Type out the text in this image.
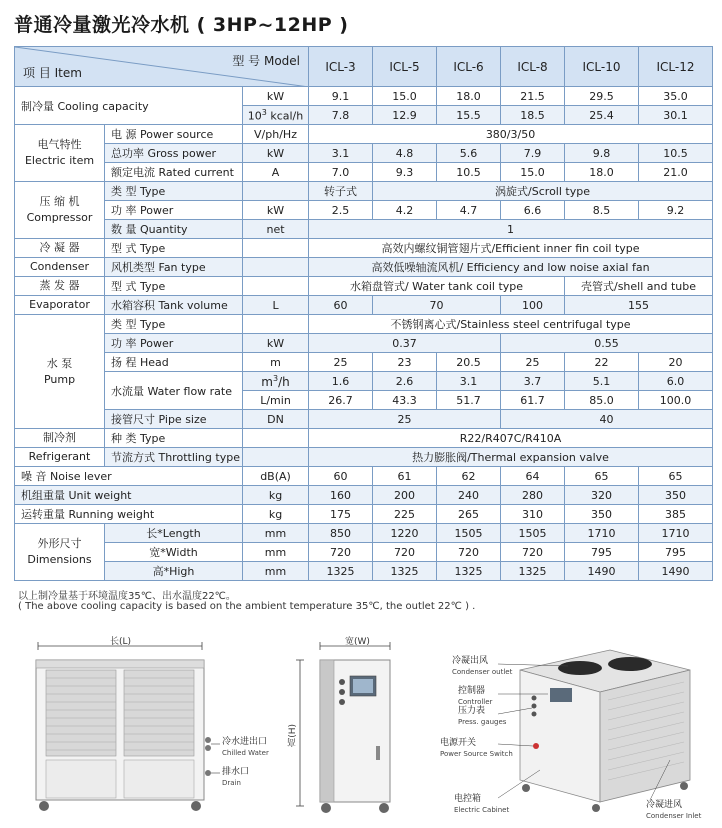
普通冷量激光冷水机 ( 3HP~12HP )
型 号 Model
项 目 Item			ICL-3	ICL-5	ICL-6	ICL-8	ICL-10	ICL-12
制冷量 Cooling capacity		kW	9.1	15.0	18.0	21.5	29.5	35.0
		$10^3$ kcal/h	7.8	12.9	15.5	18.5	25.4	30.1
电气特性
Electric item	电 源 Power source	V/ph/Hz	380/3/50					
	总功率 Gross power	kW	3.1	4.8	5.6	7.9	9.8	10.5
	额定电流 Rated current	A	7.0	9.3	10.5	15.0	18.0	21.0
压 缩 机
Compressor	类 型 Type		转子式	涡旋式/Scroll type				
	功 率 Power	kW	2.5	4.2	4.7	6.6	8.5	9.2
	数 量 Quantity	net	1					
冷 凝 器	型 式 Type		高效内螺纹铜管翅片式/Efficient inner fin coil type					
Condenser	风机类型 Fan type		高效低噪轴流风机/ Efficiency and low noise axial fan					
蒸 发 器	型 式 Type		水箱盘管式/ Water tank coil type				壳管式/shell and tube	
Evaporator	水箱容积 Tank volume	L	60	70		100	155	
水 泵
Pump	类 型 Type		不锈钢离心式/Stainless steel centrifugal type					
	功 率 Power	kW	0.37			0.55		
	扬 程 Head	m	25	23	20.5	25	22	20
	水流量 Water flow rate	$m^3/h$	1.6	2.6	3.1	3.7	5.1	6.0
		L/min	26.7	43.3	51.7	61.7	85.0	100.0
	接管尺寸 Pipe size	DN	25			40		
制冷剂	种 类 Type		R22/R407C/R410A					
Refrigerant	节流方式 Throttling type		热力膨胀阀/Thermal expansion valve					
噪 音 Noise lever		dB(A)	60	61	62	64	65	65
机组重量 Unit weight		kg	160	200	240	280	320	350
运转重量 Running weight		kg	175	225	265	310	350	385
外形尺寸
Dimensions	长*Length	mm	850	1220	1505	1505	1710	1710
	宽*Width	mm	720	720	720	720	795	795
	高*High	mm	1325	1325	1325	1325	1490	1490
以上制冷量基于环境温度35℃、出水温度22℃。
( The above cooling capacity is based on the ambient temperature 35℃, the outlet 22℃ ) .
长(L)
冷水进出口
Chilled Water
排水口
Drain
宽(W)
高(H)
冷凝出风
Condenser outlet
控制器
Controller
压力表
Press. gauges
电源开关
Power Source Switch
电控箱
Electric Cabinet	冷凝进风
Condenser Inlet
